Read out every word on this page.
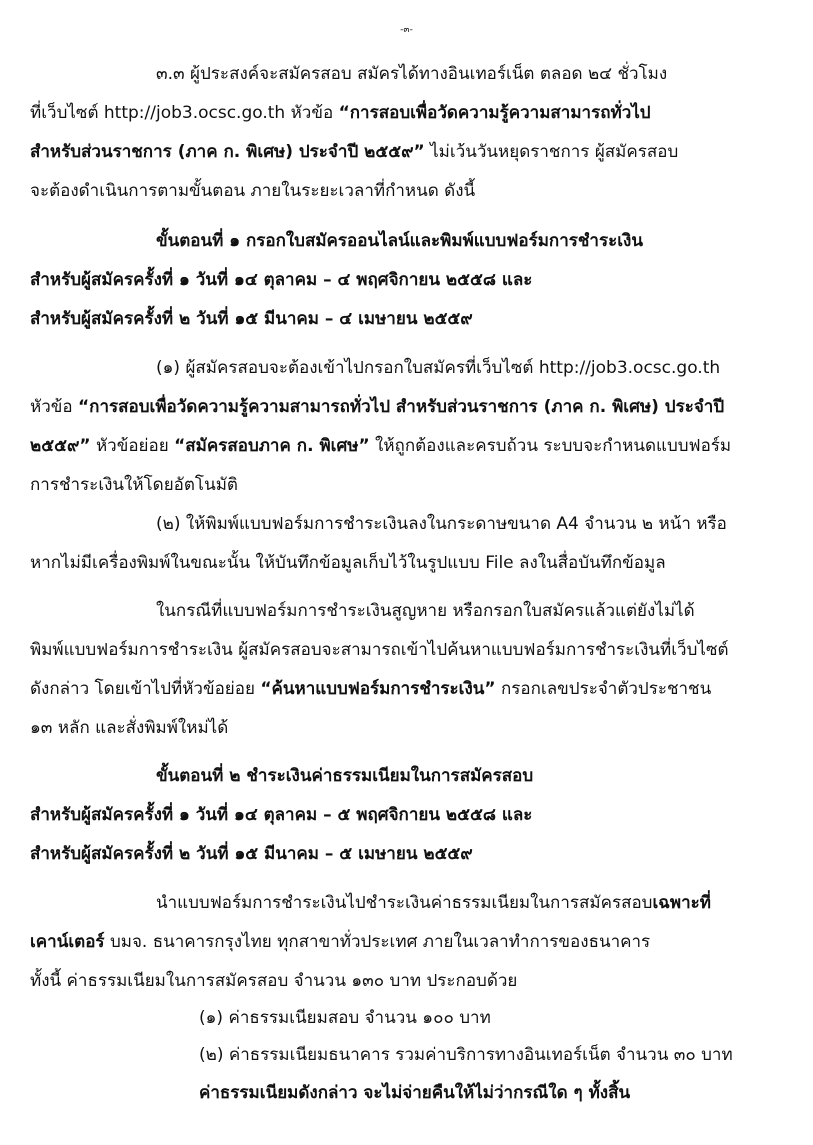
-๓-
๓.๓ ผู้ประสงค์จะสมัครสอบ สมัครได้ทางอินเทอร์เน็ต ตลอด ๒๔ ชั่วโมง
ที่เว็บไซต์ http://job3.ocsc.go.th หัวข้อ “การสอบเพื่อวัดความรู้ความสามารถทั่วไป
สำหรับส่วนราชการ (ภาค ก. พิเศษ) ประจำปี ๒๕๕๙” ไม่เว้นวันหยุดราชการ ผู้สมัครสอบ
จะต้องดำเนินการตามขั้นตอน ภายในระยะเวลาที่กำหนด ดังนี้
ขั้นตอนที่ ๑ กรอกใบสมัครออนไลน์และพิมพ์แบบฟอร์มการชำระเงิน
สำหรับผู้สมัครครั้งที่ ๑ วันที่ ๑๔ ตุลาคม – ๔ พฤศจิกายน ๒๕๕๘ และ
สำหรับผู้สมัครครั้งที่ ๒ วันที่ ๑๕ มีนาคม – ๔ เมษายน ๒๕๕๙
(๑) ผู้สมัครสอบจะต้องเข้าไปกรอกใบสมัครที่เว็บไซต์ http://job3.ocsc.go.th
หัวข้อ “การสอบเพื่อวัดความรู้ความสามารถทั่วไป สำหรับส่วนราชการ (ภาค ก. พิเศษ) ประจำปี
๒๕๕๙” หัวข้อย่อย “สมัครสอบภาค ก. พิเศษ” ให้ถูกต้องและครบถ้วน ระบบจะกำหนดแบบฟอร์ม
การชำระเงินให้โดยอัตโนมัติ
(๒) ให้พิมพ์แบบฟอร์มการชำระเงินลงในกระดาษขนาด A4 จำนวน ๒ หน้า หรือ
หากไม่มีเครื่องพิมพ์ในขณะนั้น ให้บันทึกข้อมูลเก็บไว้ในรูปแบบ File ลงในสื่อบันทึกข้อมูล
ในกรณีที่แบบฟอร์มการชำระเงินสูญหาย หรือกรอกใบสมัครแล้วแต่ยังไม่ได้
พิมพ์แบบฟอร์มการชำระเงิน ผู้สมัครสอบจะสามารถเข้าไปค้นหาแบบฟอร์มการชำระเงินที่เว็บไซต์
ดังกล่าว โดยเข้าไปที่หัวข้อย่อย “ค้นหาแบบฟอร์มการชำระเงิน” กรอกเลขประจำตัวประชาชน
๑๓ หลัก และสั่งพิมพ์ใหม่ได้
ขั้นตอนที่ ๒ ชำระเงินค่าธรรมเนียมในการสมัครสอบ
สำหรับผู้สมัครครั้งที่ ๑ วันที่ ๑๔ ตุลาคม – ๕ พฤศจิกายน ๒๕๕๘ และ
สำหรับผู้สมัครครั้งที่ ๒ วันที่ ๑๕ มีนาคม – ๕ เมษายน ๒๕๕๙
นำแบบฟอร์มการชำระเงินไปชำระเงินค่าธรรมเนียมในการสมัครสอบเฉพาะที่
เคาน์เตอร์ บมจ. ธนาคารกรุงไทย ทุกสาขาทั่วประเทศ ภายในเวลาทำการของธนาคาร
ทั้งนี้ ค่าธรรมเนียมในการสมัครสอบ จำนวน ๑๓๐ บาท ประกอบด้วย
(๑) ค่าธรรมเนียมสอบ จำนวน ๑๐๐ บาท
(๒) ค่าธรรมเนียมธนาคาร รวมค่าบริการทางอินเทอร์เน็ต จำนวน ๓๐ บาท
ค่าธรรมเนียมดังกล่าว จะไม่จ่ายคืนให้ไม่ว่ากรณีใด ๆ ทั้งสิ้น
